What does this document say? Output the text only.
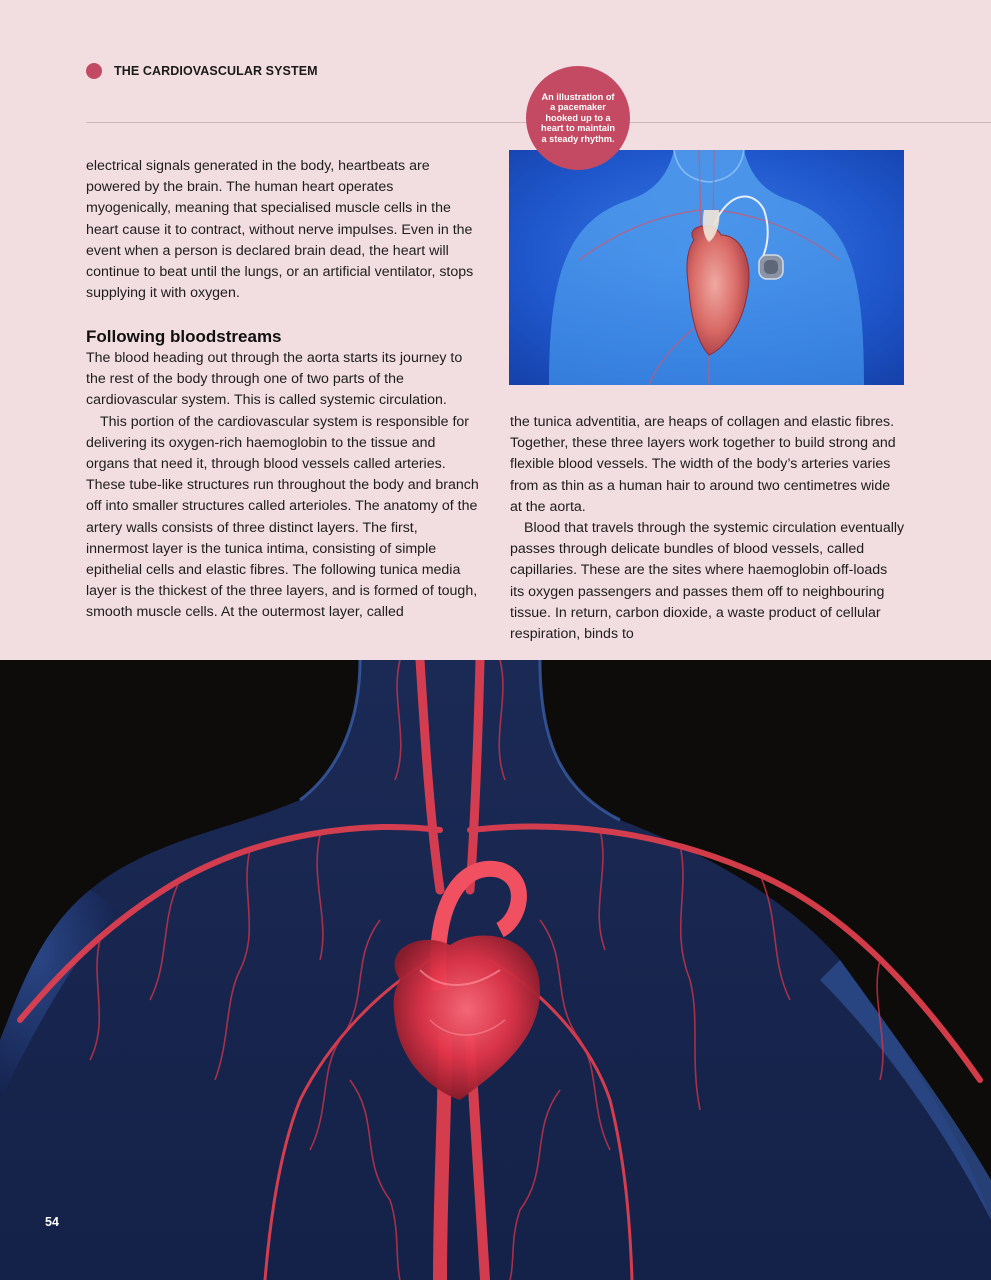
THE CARDIOVASCULAR SYSTEM

electrical signals generated in the body, heartbeats are powered by the brain. The human heart operates myogenically, meaning that specialised muscle cells in the heart cause it to contract, without nerve impulses. Even in the event when a person is declared brain dead, the heart will continue to beat until the lungs, or an artificial ventilator, stops supplying it with oxygen.

Following bloodstreams

The blood heading out through the aorta starts its journey to the rest of the body through one of two parts of the cardiovascular system. This is called systemic circulation.

This portion of the cardiovascular system is responsible for delivering its oxygen-rich haemoglobin to the tissue and organs that need it, through blood vessels called arteries. These tube-like structures run throughout the body and branch off into smaller structures called arterioles. The anatomy of the artery walls consists of three distinct layers. The first, innermost layer is the tunica intima, consisting of simple epithelial cells and elastic fibres. The following tunica media layer is the thickest of the three layers, and is formed of tough, smooth muscle cells. At the outermost layer, called

the tunica adventitia, are heaps of collagen and elastic fibres. Together, these three layers work together to build strong and flexible blood vessels. The width of the body’s arteries varies from as thin as a human hair to around two centimetres wide at the aorta.

Blood that travels through the systemic circulation eventually passes through delicate bundles of blood vessels, called capillaries. These are the sites where haemoglobin off-loads its oxygen passengers and passes them off to neighbouring tissue. In return, carbon dioxide, a waste product of cellular respiration, binds to

An illustration of a pacemaker hooked up to a heart to maintain a steady rhythm.
54
